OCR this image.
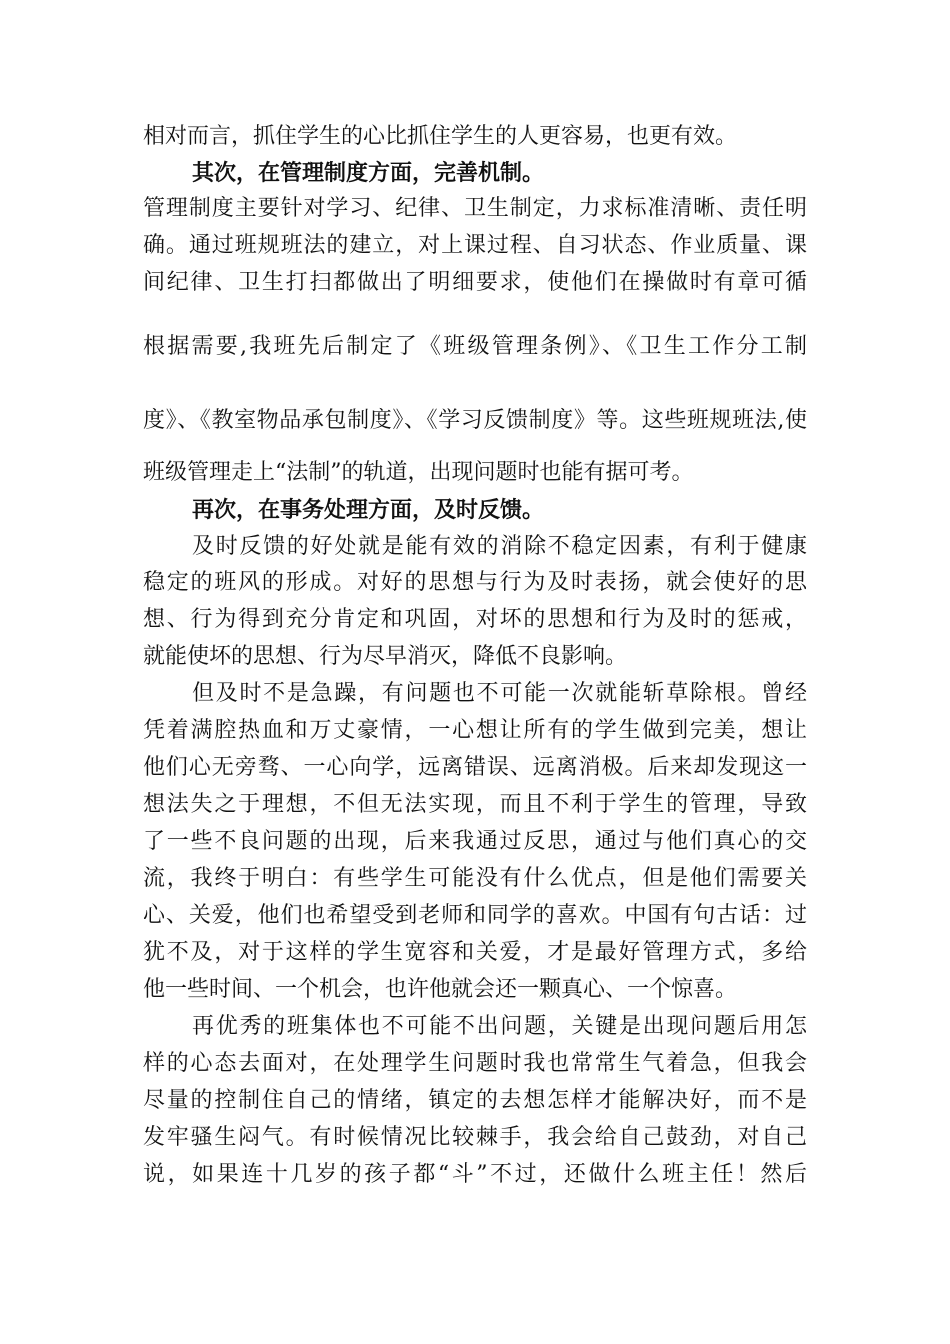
相对而言，抓住学生的心比抓住学生的人更容易，也更有效。
其次，在管理制度方面，完善机制。
管理制度主要针对学习、纪律、卫生制定，力求标准清晰、责任明
确。通过班规班法的建立，对上课过程、自习状态、作业质量、课
间纪律、卫生打扫都做出了明细要求，使他们在操做时有章可循
根据需要,我班先后制定了《班级管理条例》、《卫生工作分工制
度》、《教室物品承包制度》、《学习反馈制度》等。这些班规班法,使
班级管理走上“法制”的轨道，出现问题时也能有据可考。
再次，在事务处理方面，及时反馈。
及时反馈的好处就是能有效的消除不稳定因素，有利于健康
稳定的班风的形成。对好的思想与行为及时表扬，就会使好的思
想、行为得到充分肯定和巩固，对坏的思想和行为及时的惩戒，
就能使坏的思想、行为尽早消灭，降低不良影响。
但及时不是急躁，有问题也不可能一次就能斩草除根。曾经
凭着满腔热血和万丈豪情，一心想让所有的学生做到完美，想让
他们心无旁骛、一心向学，远离错误、远离消极。后来却发现这一
想法失之于理想，不但无法实现，而且不利于学生的管理，导致
了一些不良问题的出现，后来我通过反思，通过与他们真心的交
流，我终于明白：有些学生可能没有什么优点，但是他们需要关
心、关爱，他们也希望受到老师和同学的喜欢。中国有句古话：过
犹不及，对于这样的学生宽容和关爱，才是最好管理方式，多给
他一些时间、一个机会，也许他就会还一颗真心、一个惊喜。
再优秀的班集体也不可能不出问题，关键是出现问题后用怎
样的心态去面对，在处理学生问题时我也常常生气着急，但我会
尽量的控制住自己的情绪，镇定的去想怎样才能解决好，而不是
发牢骚生闷气。有时候情况比较棘手，我会给自己鼓劲，对自己
说，如果连十几岁的孩子都“斗”不过，还做什么班主任！然后
